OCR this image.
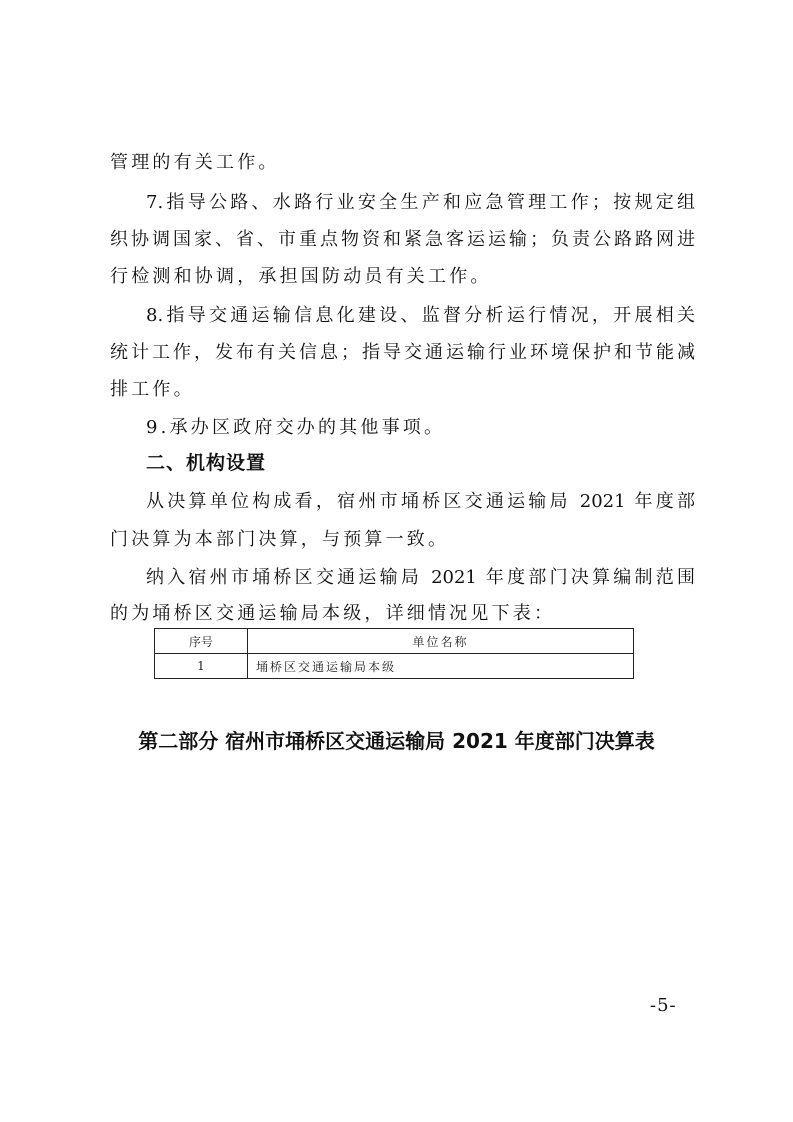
管理的有关工作。
7.指导公路、水路行业安全生产和应急管理工作；按规定组
织协调国家、省、市重点物资和紧急客运运输；负责公路路网进
行检测和协调，承担国防动员有关工作。
8.指导交通运输信息化建设、监督分析运行情况，开展相关
统计工作，发布有关信息；指导交通运输行业环境保护和节能减
排工作。
9.承办区政府交办的其他事项。
二、机构设置
从决算单位构成看，宿州市埇桥区交通运输局 2021 年度部
门决算为本部门决算，与预算一致。
纳入宿州市埇桥区交通运输局 2021 年度部门决算编制范围
的为埇桥区交通运输局本级，详细情况见下表：
序号	单位名称
1	埇桥区交通运输局本级
第二部分 宿州市埇桥区交通运输局 2021 年度部门决算表
-5-
